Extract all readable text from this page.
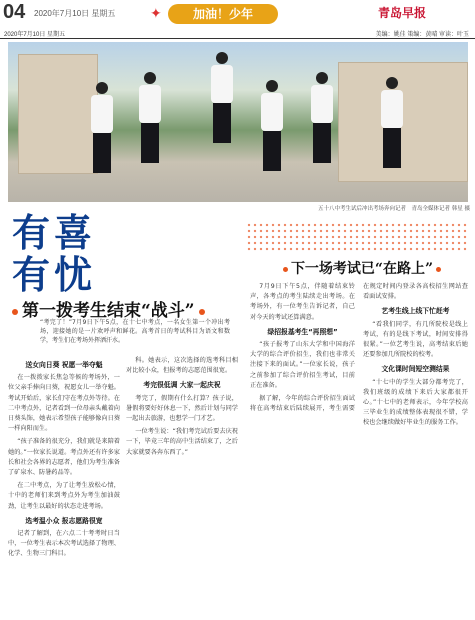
04 2020年7月10日 星期五 ✦	加油！少年	青岛早报
2020年7月10日 星期五	美编：姚佳 策编：黄晴 审读：叶玉
五十八中考生试后冲出考场奔向记者　青岛全媒体记者 韩星 摄
有喜
有忧
第一拨考生结束“战斗”
“考完了！”7月9日下午5点，在十七中考点，一名女生第一个冲出考场，迎接她的是一片欢呼声和鲜花。高考首日的考试科目为语文和数学，考生们在考场外挥洒汗水。

送女向日葵 祝愿一举夺魁

在一拨拨家长焦急等候的考场外，一位父亲手捧向日葵，祝愿女儿一举夺魁。考试开始后，家长们守在考点外等待。在二中考点外，记者看到一位母亲头戴着向日葵头饰，她表示希望孩子能够像向日葵一样向阳而生。

“孩子准备的很充分，我们就是来陪着她的。”一位家长说道。考点外还有许多家长和社会各界的志愿者，他们为考生准备了矿泉水、防暑药品等。

在二中考点，为了让考生放松心情，十中的老师们来到考点外为考生加油鼓劲，让考生以最好的状态走进考场。

选考温小众 报志愿路很宽

记者了解到，在六点二十考考时日当中，一位考生表示本次考试选择了物理、化学、生物三门科目。

科。她表示，这次选择的选考科目相对比较小众，但报考的志愿范围很宽。

考完很低调 大家一起庆祝

考完了，假期有什么打算？孩子说，暑假将要好好休息一下，然后计划与同学一起出去旅游，也想学一门才艺。

一位考生说：“我们考完试后要去庆祝一下，毕竟三年的高中生活结束了，之后大家就要各奔东西了。”

下一场考试已“在路上”

7月9日下午5点，伴随着结束铃声，各考点的考生陆续走出考场。在考场外，有一位考生告诉记者，自己对今天的考试还算满意。

绿招报基考生“再照想”

“孩子报考了山东大学和中国海洋大学的综合评价招生，我们也非常关注接下来的面试。”一位家长说，孩子之前参加了综合评价招生考试，目前正在准备。

据了解，今年的综合评价招生面试将在高考结束后陆续展开，考生需要在规定时间内登录各高校招生网站查看面试安排。

艺考生线上线下忙赶考

“看我们同学，有几所院校是线上考试，有的是线下考试，时间安排得很紧。”一位艺考生说，高考结束后她还要参加几所院校的校考。

文化课时间短空测结果

“十七中的学生大部分都考完了，我们班级的成绩下来后大家都很开心。”十七中的老师表示，今年学校高三毕业生的成绩整体表现很不错，学校也会继续做好毕业生的服务工作。
